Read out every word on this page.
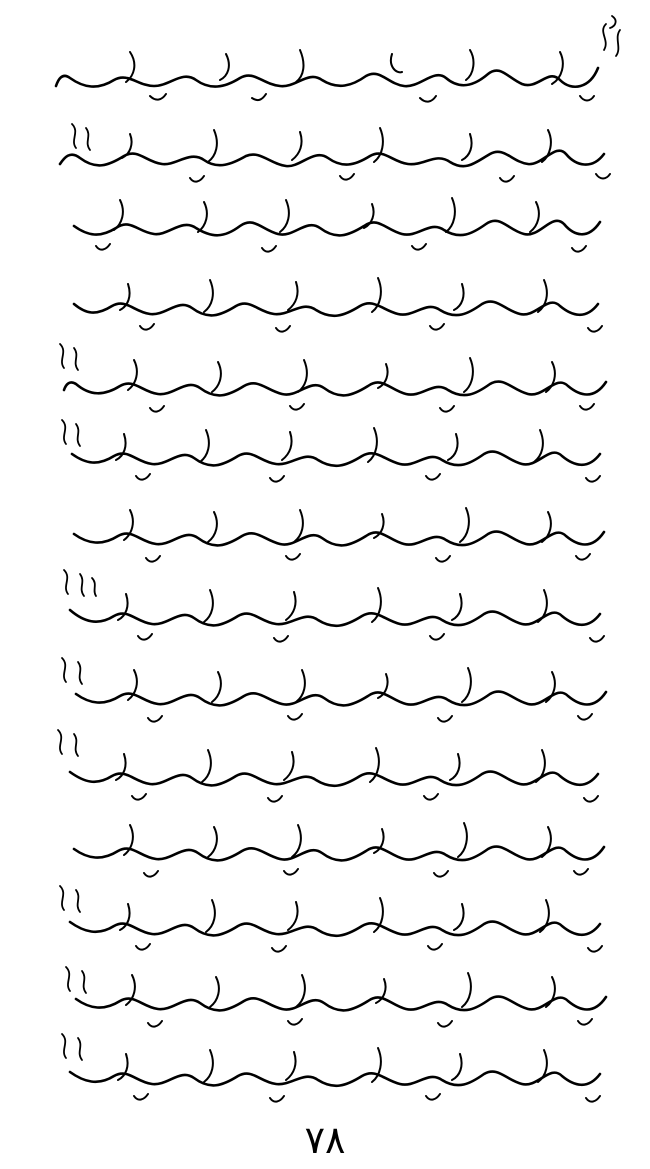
٧٨
